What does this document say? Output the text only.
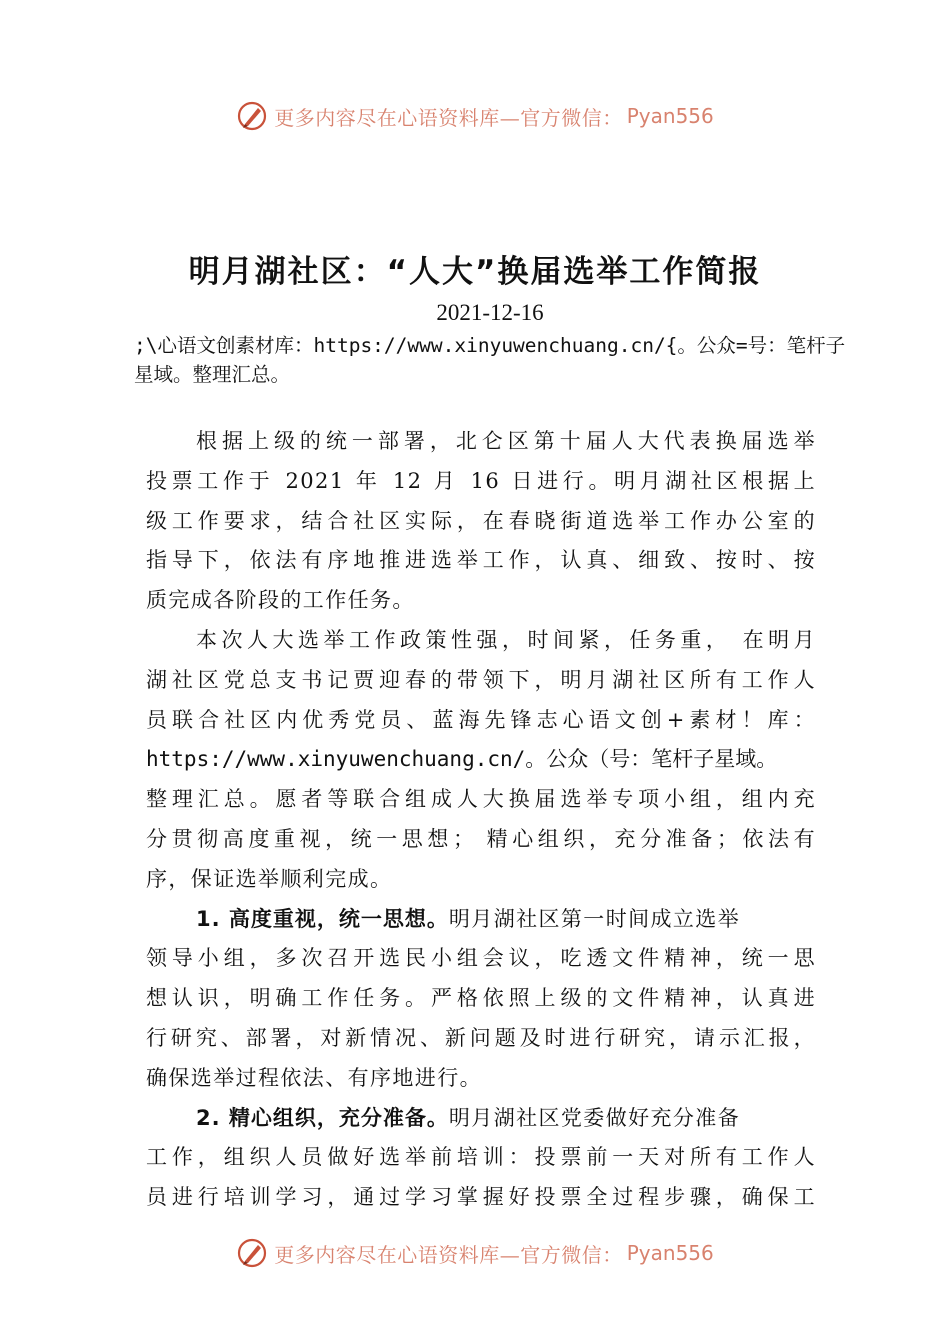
更多内容尽在心语资料库—官方微信： Pyan556
明月湖社区：“人大”换届选举工作简报
2021-12-16
;\心语文创素材库：https://www.xinyuwenchuang.cn/{。公众=号：笔杆子星域。整理汇总。
根据上级的统一部署，北仑区第十届人大代表换届选举
投票工作于 2021 年 12 月 16 日进行。明月湖社区根据上
级工作要求，结合社区实际，在春晓街道选举工作办公室的
指导下，依法有序地推进选举工作，认真、细致、按时、按
质完成各阶段的工作任务。
本次人大选举工作政策性强，时间紧，任务重， 在明月
湖社区党总支书记贾迎春的带领下，明月湖社区所有工作人
员联合社区内优秀党员、蓝海先锋志心语文创+素材！库：
https://www.xinyuwenchuang.cn/。公众（号：笔杆子星域。
整理汇总。愿者等联合组成人大换届选举专项小组，组内充
分贯彻高度重视，统一思想； 精心组织，充分准备；依法有
序，保证选举顺利完成。
1. 高度重视，统一思想。明月湖社区第一时间成立选举
领导小组，多次召开选民小组会议，吃透文件精神，统一思
想认识，明确工作任务。严格依照上级的文件精神，认真进
行研究、部署，对新情况、新问题及时进行研究，请示汇报，
确保选举过程依法、有序地进行。
2. 精心组织，充分准备。明月湖社区党委做好充分准备
工作，组织人员做好选举前培训：投票前一天对所有工作人
员进行培训学习，通过学习掌握好投票全过程步骤，确保工
更多内容尽在心语资料库—官方微信： Pyan556
